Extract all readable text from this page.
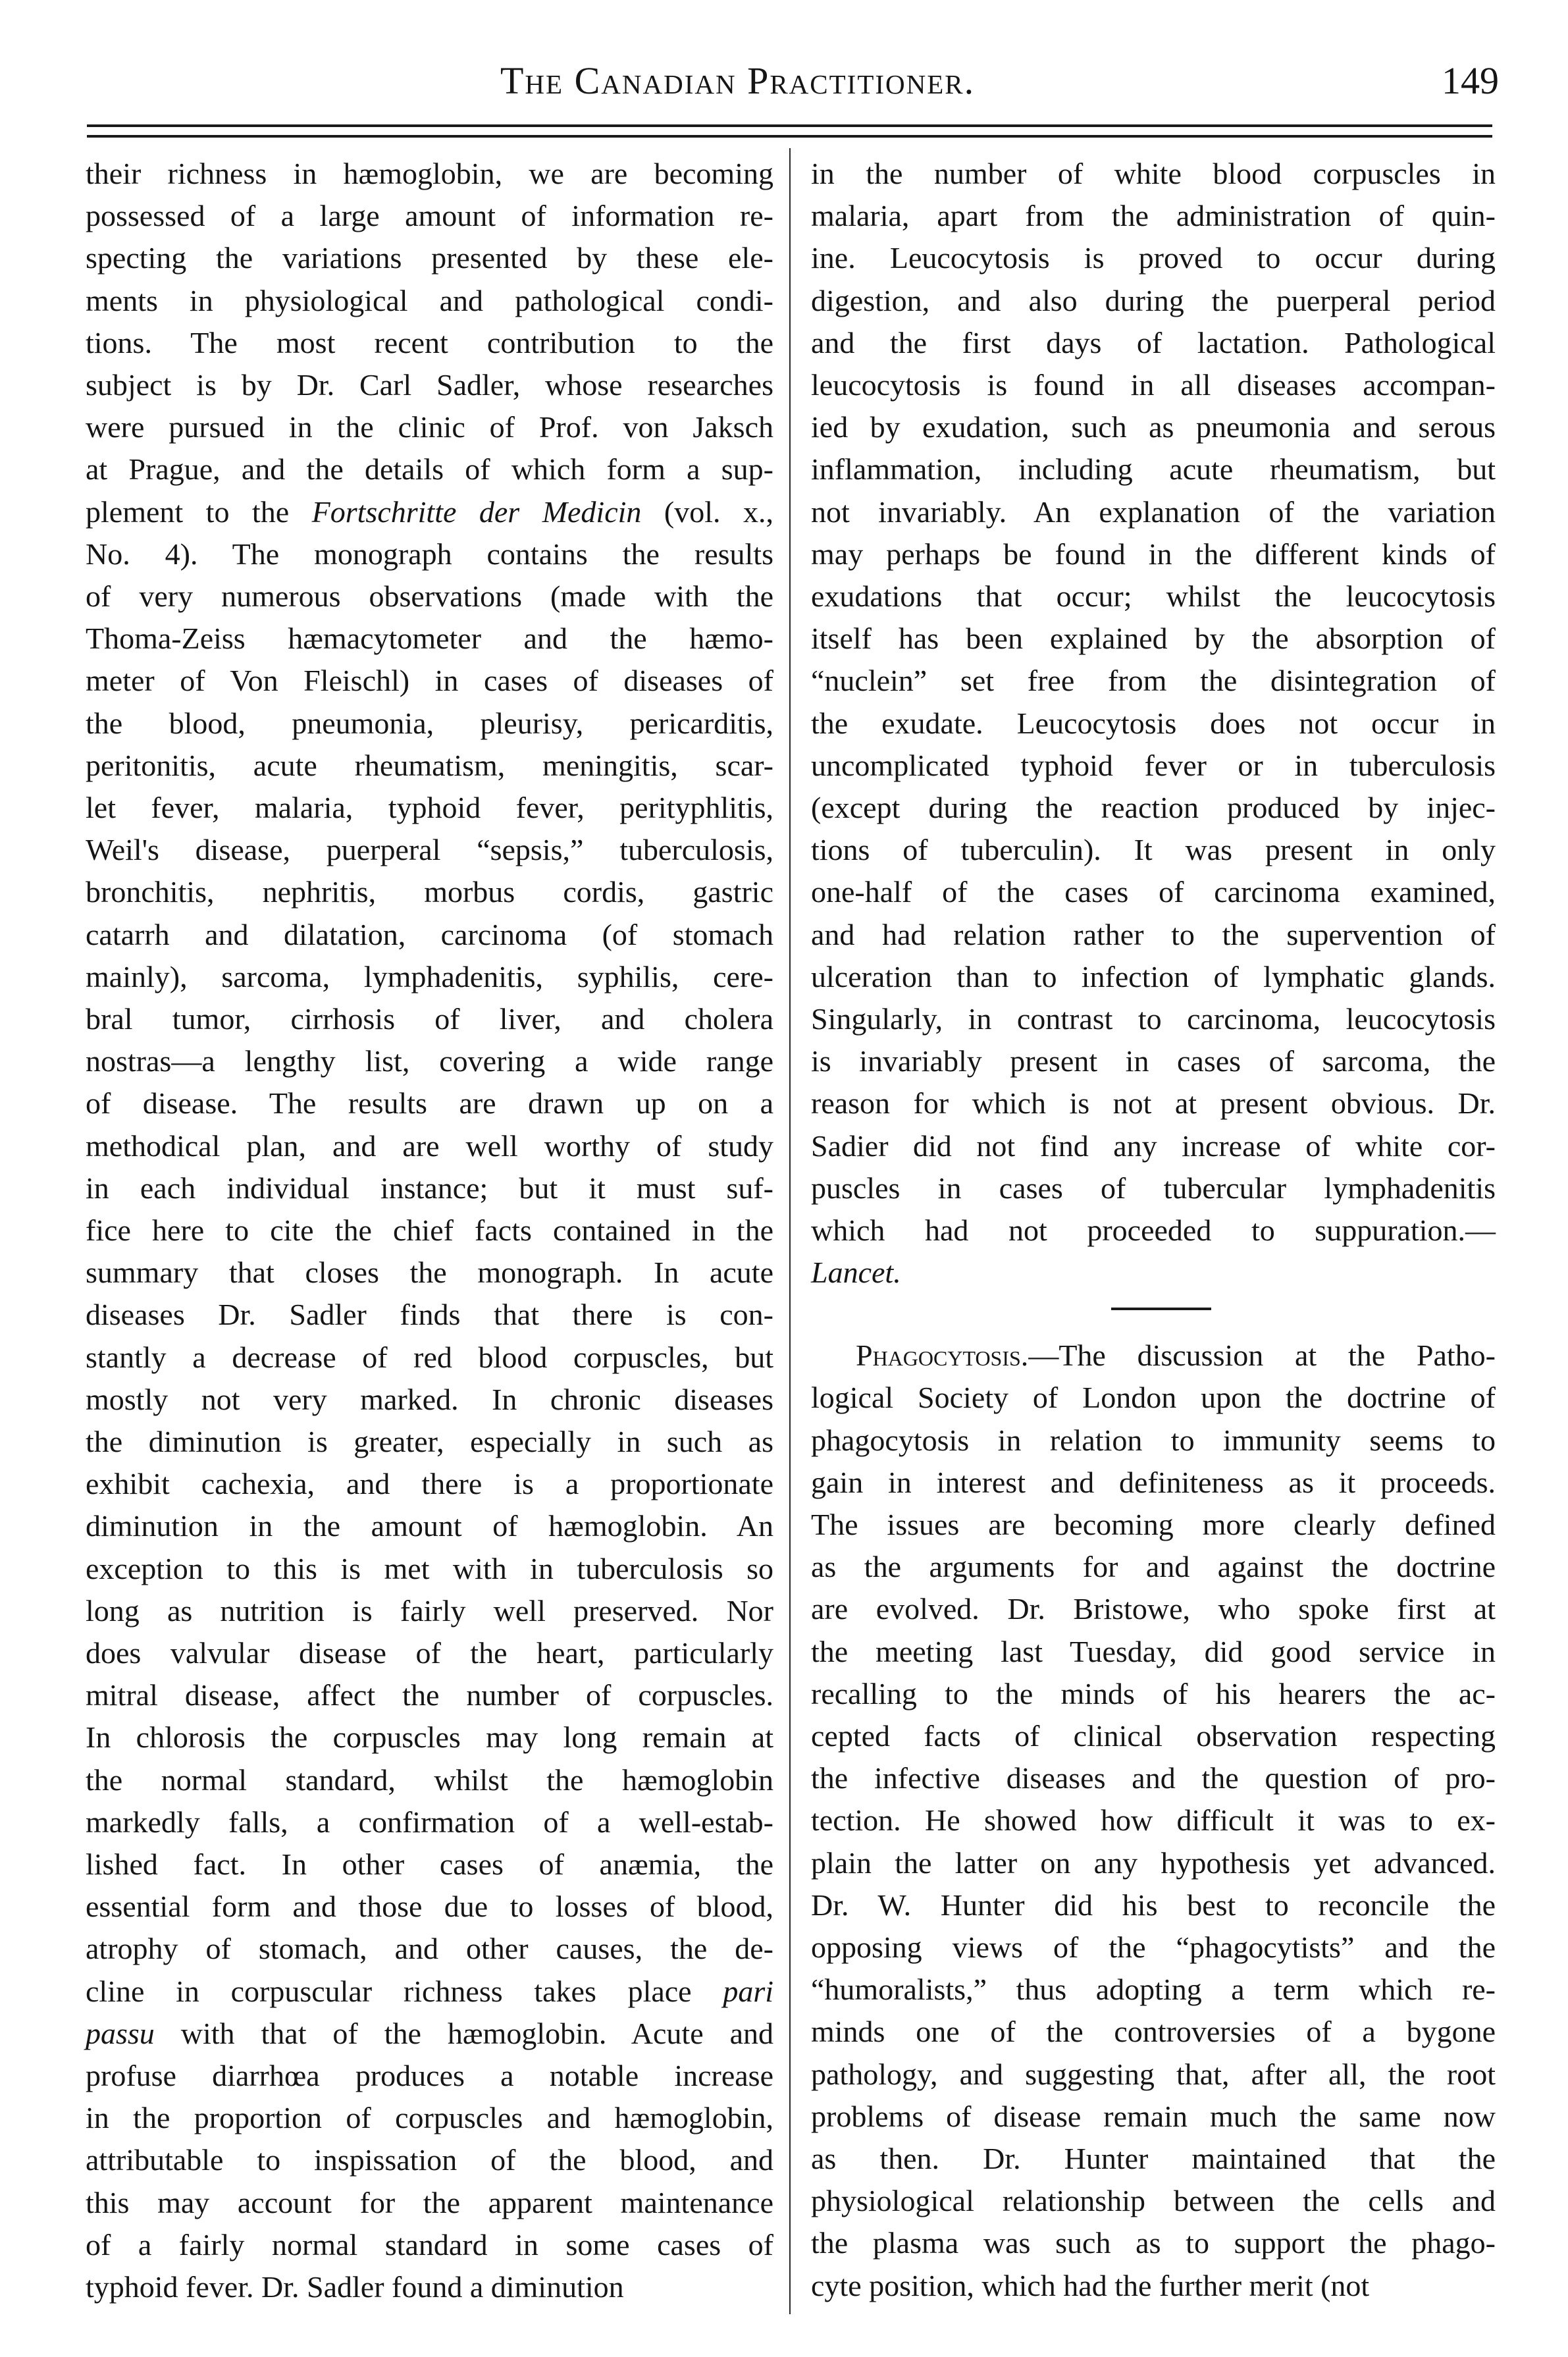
The Canadian Practitioner.	149
their richness in hæmoglobin, we are becoming
possessed of a large amount of information re-
specting the variations presented by these ele-
ments in physiological and pathological condi-
tions. The most recent contribution to the
subject is by Dr. Carl Sadler, whose researches
were pursued in the clinic of Prof. von Jaksch
at Prague, and the details of which form a sup-
plement to the Fortschritte der Medicin (vol. x.,
No. 4). The monograph contains the results
of very numerous observations (made with the
Thoma-Zeiss hæmacytometer and the hæmo-
meter of Von Fleischl) in cases of diseases of
the blood, pneumonia, pleurisy, pericarditis,
peritonitis, acute rheumatism, meningitis, scar-
let fever, malaria, typhoid fever, perityphlitis,
Weil's disease, puerperal “sepsis,” tuberculosis,
bronchitis, nephritis, morbus cordis, gastric
catarrh and dilatation, carcinoma (of stomach
mainly), sarcoma, lymphadenitis, syphilis, cere-
bral tumor, cirrhosis of liver, and cholera
nostras—a lengthy list, covering a wide range
of disease. The results are drawn up on a
methodical plan, and are well worthy of study
in each individual instance; but it must suf-
fice here to cite the chief facts contained in the
summary that closes the monograph. In acute
diseases Dr. Sadler finds that there is con-
stantly a decrease of red blood corpuscles, but
mostly not very marked. In chronic diseases
the diminution is greater, especially in such as
exhibit cachexia, and there is a proportionate
diminution in the amount of hæmoglobin. An
exception to this is met with in tuberculosis so
long as nutrition is fairly well preserved. Nor
does valvular disease of the heart, particularly
mitral disease, affect the number of corpuscles.
In chlorosis the corpuscles may long remain at
the normal standard, whilst the hæmoglobin
markedly falls, a confirmation of a well-estab-
lished fact. In other cases of anæmia, the
essential form and those due to losses of blood,
atrophy of stomach, and other causes, the de-
cline in corpuscular richness takes place pari
passu with that of the hæmoglobin. Acute and
profuse diarrhœa produces a notable increase
in the proportion of corpuscles and hæmoglobin,
attributable to inspissation of the blood, and
this may account for the apparent maintenance
of a fairly normal standard in some cases of
typhoid fever. Dr. Sadler found a diminution
in the number of white blood corpuscles in
malaria, apart from the administration of quin-
ine. Leucocytosis is proved to occur during
digestion, and also during the puerperal period
and the first days of lactation. Pathological
leucocytosis is found in all diseases accompan-
ied by exudation, such as pneumonia and serous
inflammation, including acute rheumatism, but
not invariably. An explanation of the variation
may perhaps be found in the different kinds of
exudations that occur; whilst the leucocytosis
itself has been explained by the absorption of
“nuclein” set free from the disintegration of
the exudate. Leucocytosis does not occur in
uncomplicated typhoid fever or in tuberculosis
(except during the reaction produced by injec-
tions of tuberculin). It was present in only
one-half of the cases of carcinoma examined,
and had relation rather to the supervention of
ulceration than to infection of lymphatic glands.
Singularly, in contrast to carcinoma, leucocytosis
is invariably present in cases of sarcoma, the
reason for which is not at present obvious. Dr.
Sadier did not find any increase of white cor-
puscles in cases of tubercular lymphadenitis
which had not proceeded to suppuration.—
Lancet.
Phagocytosis.—The discussion at the Patho-
logical Society of London upon the doctrine of
phagocytosis in relation to immunity seems to
gain in interest and definiteness as it proceeds.
The issues are becoming more clearly defined
as the arguments for and against the doctrine
are evolved. Dr. Bristowe, who spoke first at
the meeting last Tuesday, did good service in
recalling to the minds of his hearers the ac-
cepted facts of clinical observation respecting
the infective diseases and the question of pro-
tection. He showed how difficult it was to ex-
plain the latter on any hypothesis yet advanced.
Dr. W. Hunter did his best to reconcile the
opposing views of the “phagocytists” and the
“humoralists,” thus adopting a term which re-
minds one of the controversies of a bygone
pathology, and suggesting that, after all, the root
problems of disease remain much the same now
as then. Dr. Hunter maintained that the
physiological relationship between the cells and
the plasma was such as to support the phago-
cyte position, which had the further merit (not
